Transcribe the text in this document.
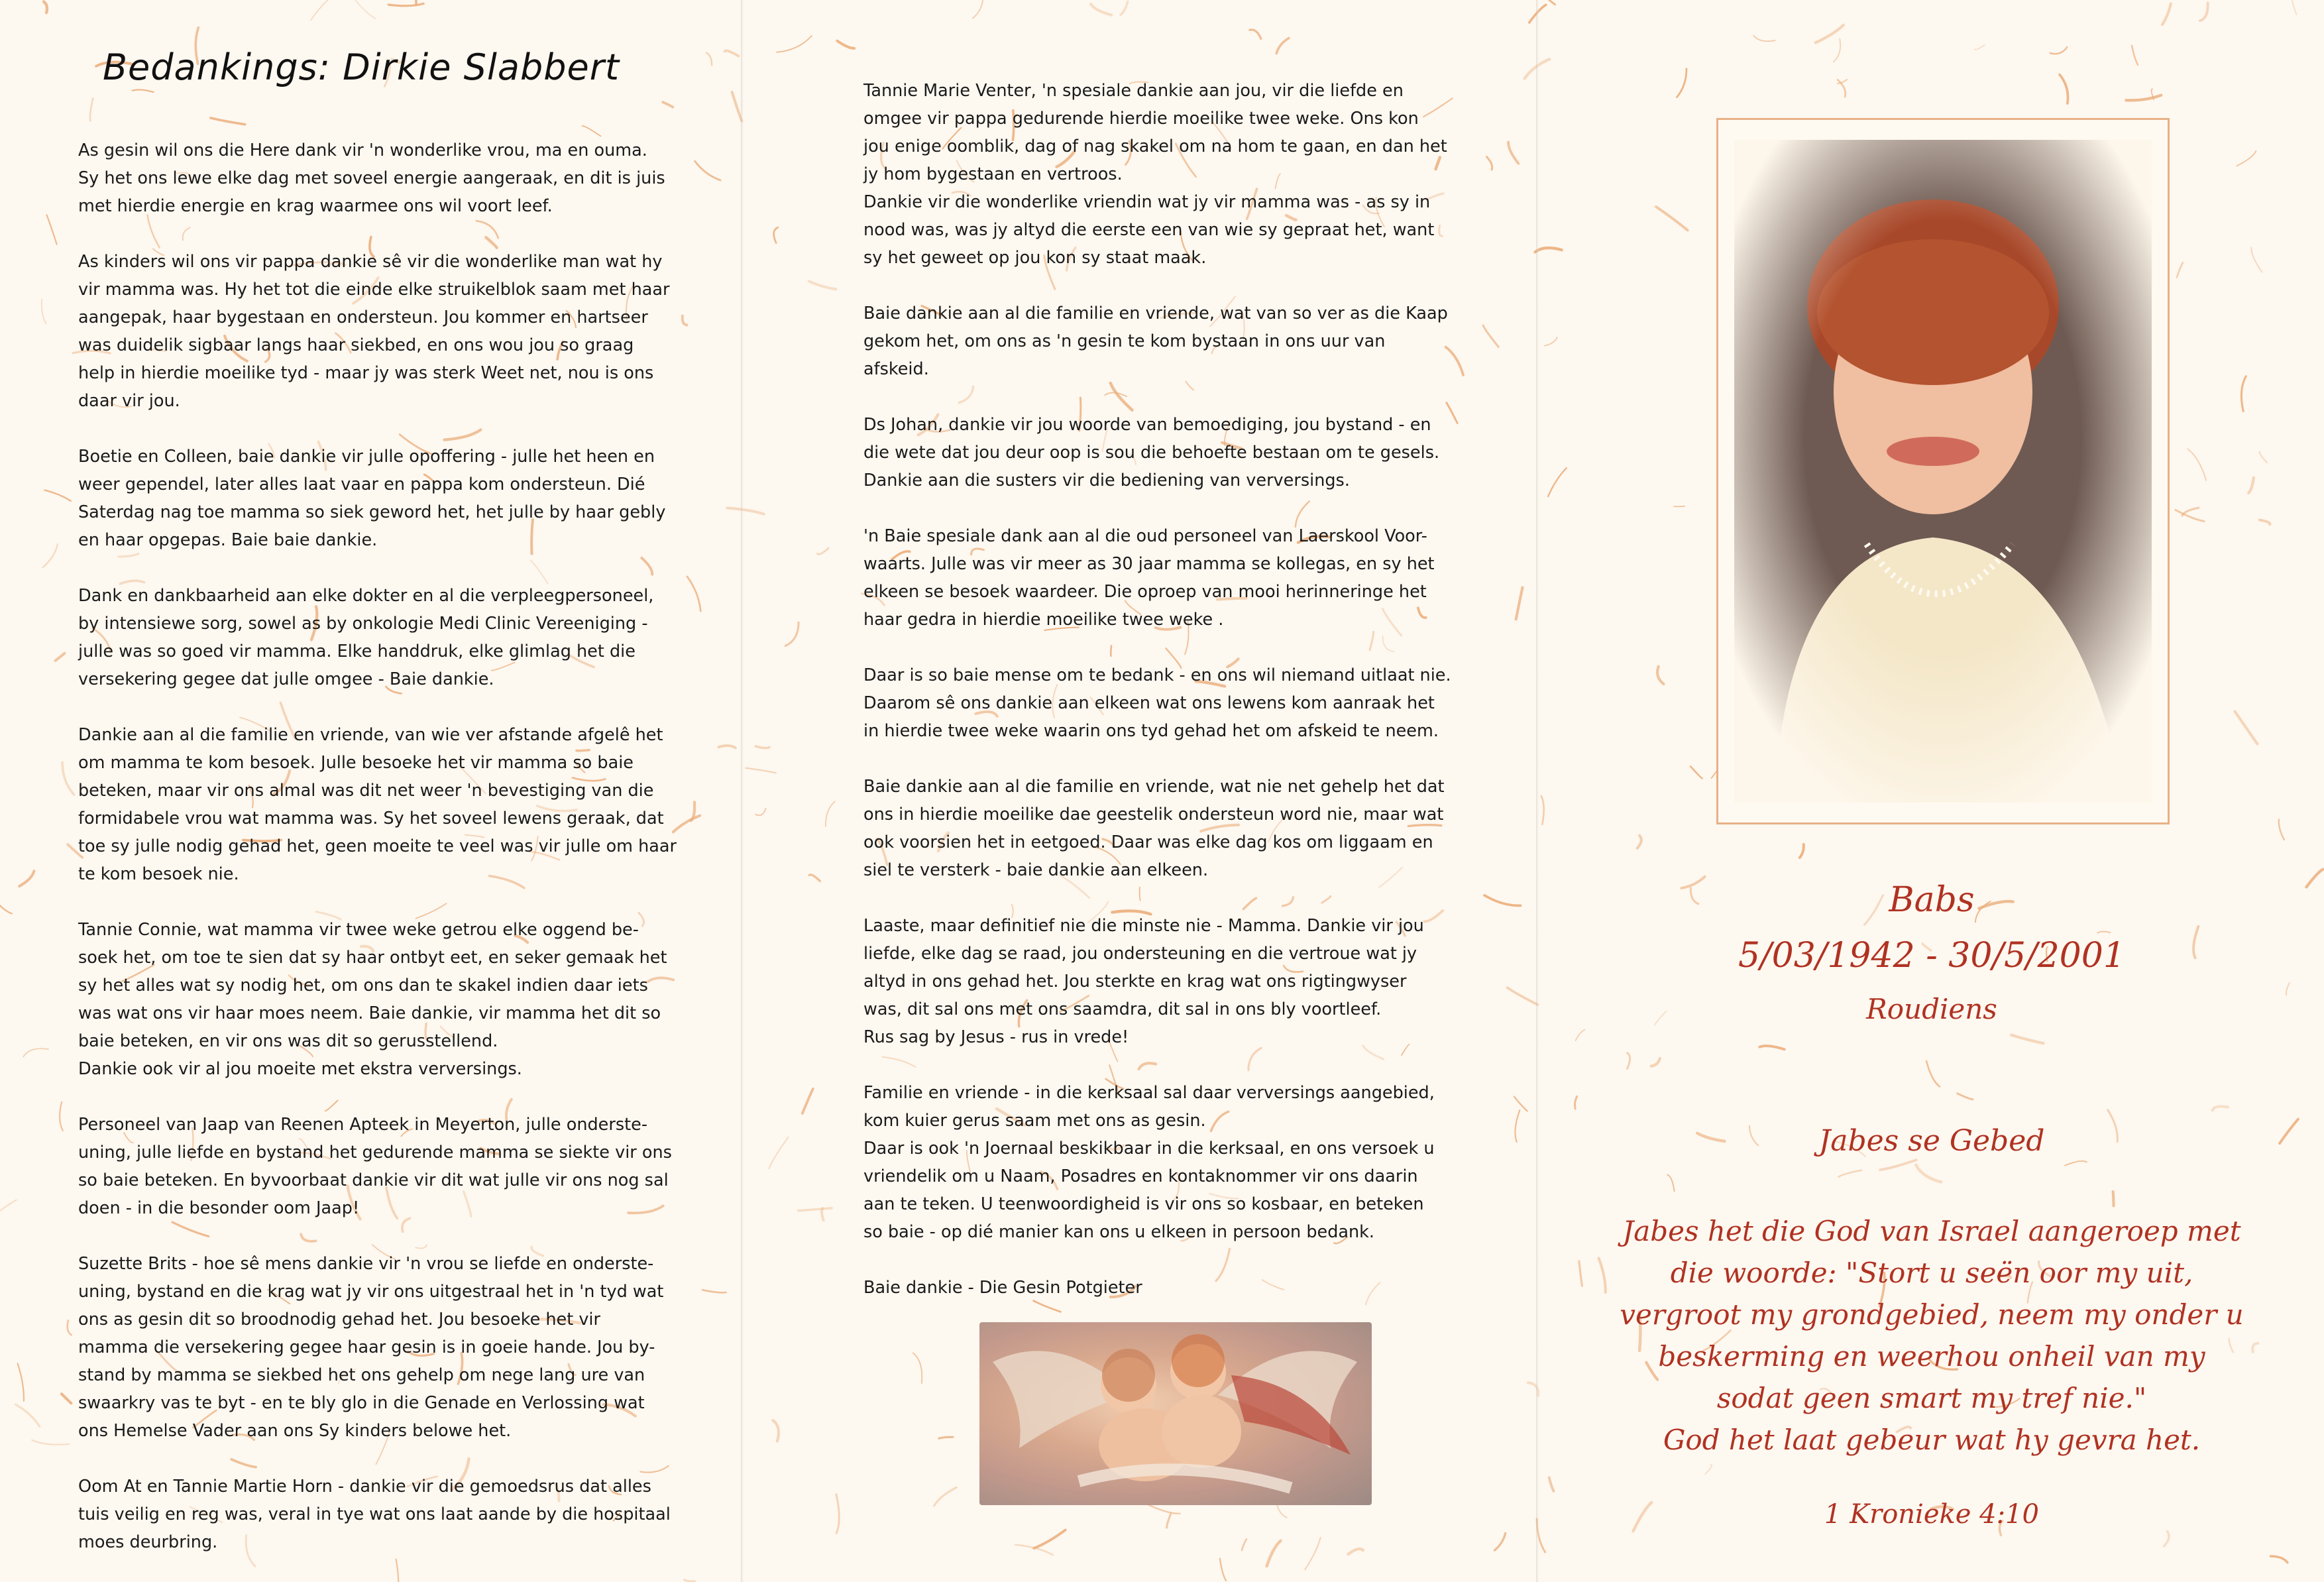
Bedankings: Dirkie Slabbert

As gesin wil ons die Here dank vir 'n wonderlike vrou, ma en ouma.
Sy het ons lewe elke dag met soveel energie aangeraak, en dit is juis
met hierdie energie en krag waarmee ons wil voort leef.

As kinders wil ons vir pappa dankie sê vir die wonderlike man wat hy
vir mamma was. Hy het tot die einde elke struikelblok saam met haar
aangepak, haar bygestaan en ondersteun. Jou kommer en hartseer
was duidelik sigbaar langs haar siekbed, en ons wou jou so graag
help in hierdie moeilike tyd - maar jy was sterk Weet net, nou is ons
daar vir jou.

Boetie en Colleen, baie dankie vir julle opoffering - julle het heen en
weer gependel, later alles laat vaar en pappa kom ondersteun. Dié
Saterdag nag toe mamma so siek geword het, het julle by haar gebly
en haar opgepas. Baie baie dankie.

Dank en dankbaarheid aan elke dokter en al die verpleegpersoneel,
by intensiewe sorg, sowel as by onkologie Medi Clinic Vereeniging -
julle was so goed vir mamma. Elke handdruk, elke glimlag het die
versekering gegee dat julle omgee - Baie dankie.

Dankie aan al die familie en vriende, van wie ver afstande afgelê het
om mamma te kom besoek. Julle besoeke het vir mamma so baie
beteken, maar vir ons almal was dit net weer 'n bevestiging van die
formidabele vrou wat mamma was. Sy het soveel lewens geraak, dat
toe sy julle nodig gehad het, geen moeite te veel was vir julle om haar
te kom besoek nie.

Tannie Connie, wat mamma vir twee weke getrou elke oggend be-
soek het, om toe te sien dat sy haar ontbyt eet, en seker gemaak het
sy het alles wat sy nodig het, om ons dan te skakel indien daar iets
was wat ons vir haar moes neem. Baie dankie, vir mamma het dit so
baie beteken, en vir ons was dit so gerusstellend.
Dankie ook vir al jou moeite met ekstra verversings.

Personeel van Jaap van Reenen Apteek in Meyerton, julle onderste-
uning, julle liefde en bystand het gedurende mamma se siekte vir ons
so baie beteken. En byvoorbaat dankie vir dit wat julle vir ons nog sal
doen - in die besonder oom Jaap!

Suzette Brits - hoe sê mens dankie vir 'n vrou se liefde en onderste-
uning, bystand en die krag wat jy vir ons uitgestraal het in 'n tyd wat
ons as gesin dit so broodnodig gehad het. Jou besoeke het vir
mamma die versekering gegee haar gesin is in goeie hande. Jou by-
stand by mamma se siekbed het ons gehelp om nege lang ure van
swaarkry vas te byt - en te bly glo in die Genade en Verlossing wat
ons Hemelse Vader aan ons Sy kinders belowe het.

Oom At en Tannie Martie Horn - dankie vir die gemoedsrus dat alles
tuis veilig en reg was, veral in tye wat ons laat aande by die hospitaal
moes deurbring.

Tannie Marie Venter, 'n spesiale dankie aan jou, vir die liefde en
omgee vir pappa gedurende hierdie moeilike twee weke. Ons kon
jou enige oomblik, dag of nag skakel om na hom te gaan, en dan het
jy hom bygestaan en vertroos.
Dankie vir die wonderlike vriendin wat jy vir mamma was - as sy in
nood was, was jy altyd die eerste een van wie sy gepraat het, want
sy het geweet op jou kon sy staat maak.

Baie dankie aan al die familie en vriende, wat van so ver as die Kaap
gekom het, om ons as 'n gesin te kom bystaan in ons uur van
afskeid.

Ds Johan, dankie vir jou woorde van bemoediging, jou bystand - en
die wete dat jou deur oop is sou die behoefte bestaan om te gesels.
Dankie aan die susters vir die bediening van verversings.

'n Baie spesiale dank aan al die oud personeel van Laerskool Voor-
waarts. Julle was vir meer as 30 jaar mamma se kollegas, en sy het
elkeen se besoek waardeer. Die oproep van mooi herinneringe het
haar gedra in hierdie moeilike twee weke .

Daar is so baie mense om te bedank - en ons wil niemand uitlaat nie.
Daarom sê ons dankie aan elkeen wat ons lewens kom aanraak het
in hierdie twee weke waarin ons tyd gehad het om afskeid te neem.

Baie dankie aan al die familie en vriende, wat nie net gehelp het dat
ons in hierdie moeilike dae geestelik ondersteun word nie, maar wat
ook voorsien het in eetgoed. Daar was elke dag kos om liggaam en
siel te versterk - baie dankie aan elkeen.

Laaste, maar definitief nie die minste nie - Mamma. Dankie vir jou
liefde, elke dag se raad, jou ondersteuning en die vertroue wat jy
altyd in ons gehad het. Jou sterkte en krag wat ons rigtingwyser
was, dit sal ons met ons saamdra, dit sal in ons bly voortleef.
Rus sag by Jesus - rus in vrede!

Familie en vriende - in die kerksaal sal daar verversings aangebied,
kom kuier gerus saam met ons as gesin.
Daar is ook 'n Joernaal beskikbaar in die kerksaal, en ons versoek u
vriendelik om u Naam, Posadres en kontaknommer vir ons daarin
aan te teken. U teenwoordigheid is vir ons so kosbaar, en beteken
so baie - op dié manier kan ons u elkeen in persoon bedank.

Baie dankie - Die Gesin Potgieter

Babs
5/03/1942 - 30/5/2001
Roudiens
Jabes se Gebed
Jabes het die God van Israel aangeroep met
die woorde: "Stort u seën oor my uit,
vergroot my grondgebied, neem my onder u
beskerming en weerhou onheil van my
sodat geen smart my tref nie."
God het laat gebeur wat hy gevra het.
1 Kronieke 4:10
